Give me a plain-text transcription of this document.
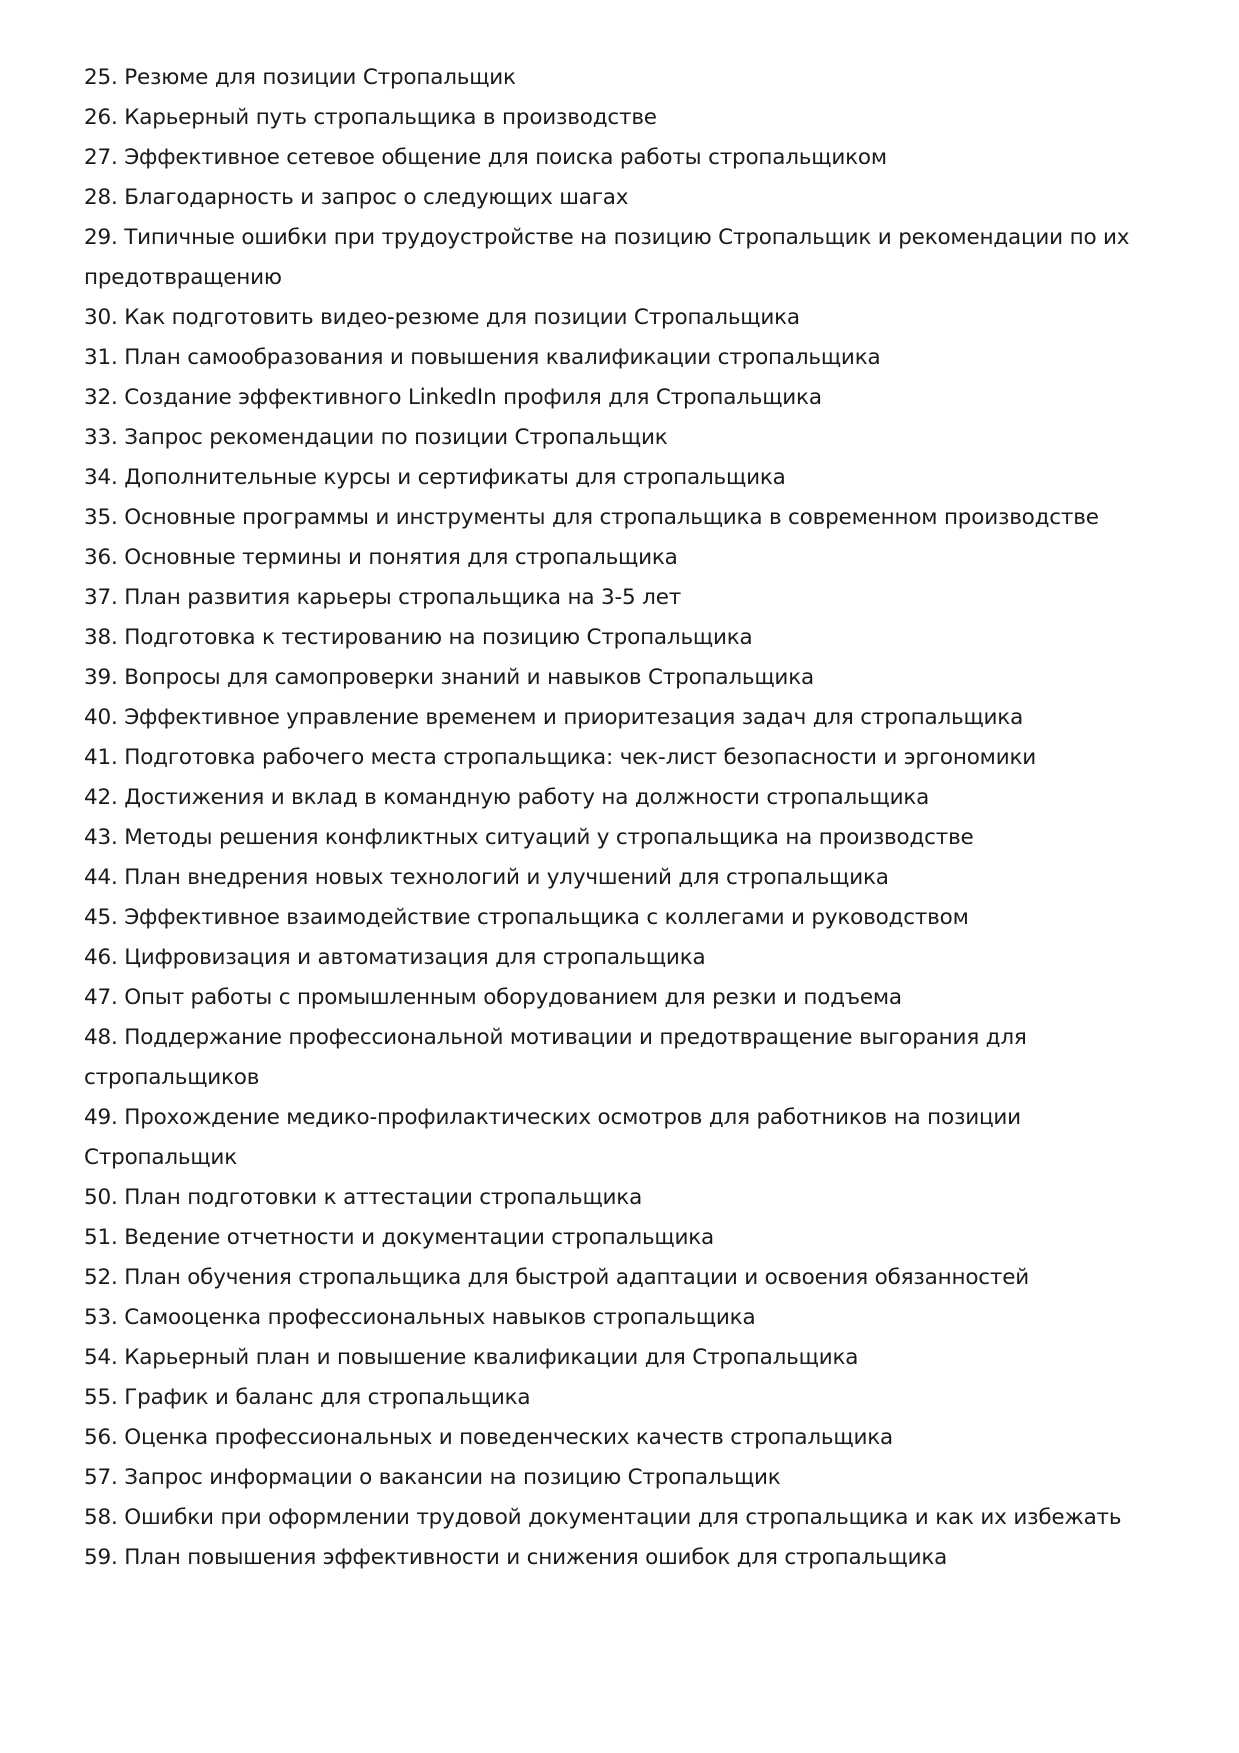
25. Резюме для позиции Стропальщик
26. Карьерный путь стропальщика в производстве
27. Эффективное сетевое общение для поиска работы стропальщиком
28. Благодарность и запрос о следующих шагах
29. Типичные ошибки при трудоустройстве на позицию Стропальщик и рекомендации по их предотвращению
30. Как подготовить видео-резюме для позиции Стропальщика
31. План самообразования и повышения квалификации стропальщика
32. Создание эффективного LinkedIn профиля для Стропальщика
33. Запрос рекомендации по позиции Стропальщик
34. Дополнительные курсы и сертификаты для стропальщика
35. Основные программы и инструменты для стропальщика в современном производстве
36. Основные термины и понятия для стропальщика
37. План развития карьеры стропальщика на 3-5 лет
38. Подготовка к тестированию на позицию Стропальщика
39. Вопросы для самопроверки знаний и навыков Стропальщика
40. Эффективное управление временем и приоритезация задач для стропальщика
41. Подготовка рабочего места стропальщика: чек-лист безопасности и эргономики
42. Достижения и вклад в командную работу на должности стропальщика
43. Методы решения конфликтных ситуаций у стропальщика на производстве
44. План внедрения новых технологий и улучшений для стропальщика
45. Эффективное взаимодействие стропальщика с коллегами и руководством
46. Цифровизация и автоматизация для стропальщика
47. Опыт работы с промышленным оборудованием для резки и подъема
48. Поддержание профессиональной мотивации и предотвращение выгорания для стропальщиков
49. Прохождение медико-профилактических осмотров для работников на позиции Стропальщик
50. План подготовки к аттестации стропальщика
51. Ведение отчетности и документации стропальщика
52. План обучения стропальщика для быстрой адаптации и освоения обязанностей
53. Самооценка профессиональных навыков стропальщика
54. Карьерный план и повышение квалификации для Стропальщика
55. График и баланс для стропальщика
56. Оценка профессиональных и поведенческих качеств стропальщика
57. Запрос информации о вакансии на позицию Стропальщик
58. Ошибки при оформлении трудовой документации для стропальщика и как их избежать
59. План повышения эффективности и снижения ошибок для стропальщика
